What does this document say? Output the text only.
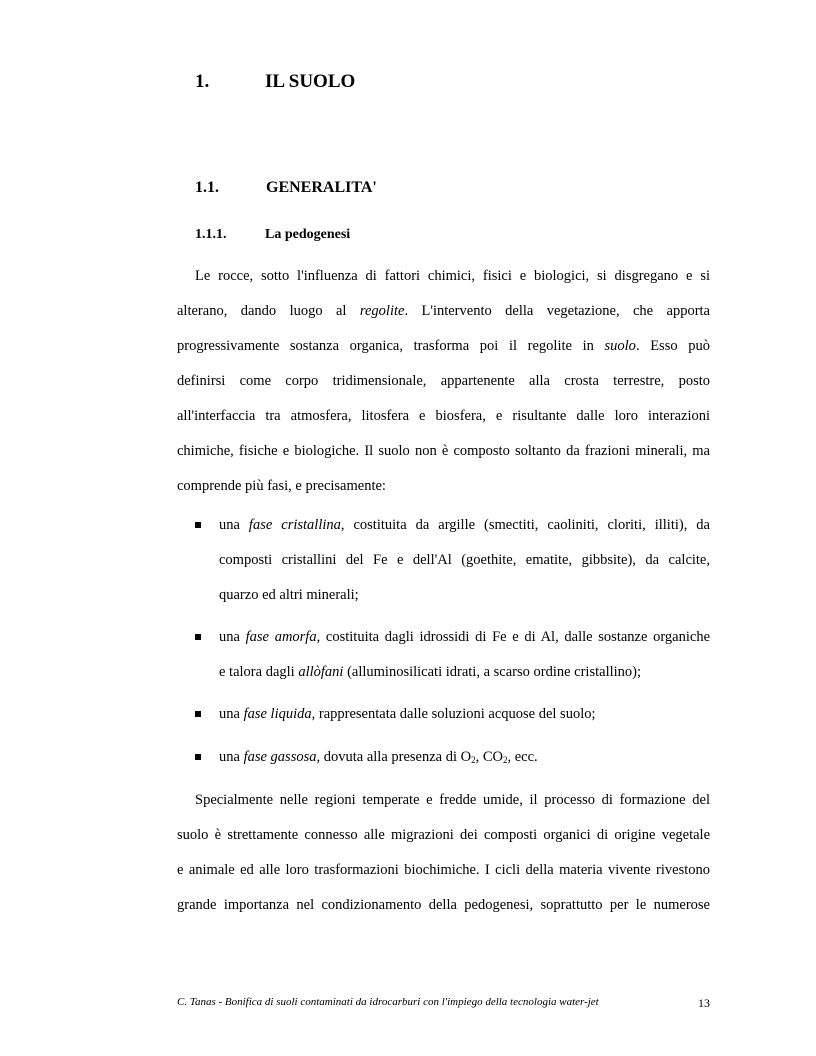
1.	IL SUOLO
1.1.	GENERALITA'
1.1.1.	La pedogenesi
Le rocce, sotto l'influenza di fattori chimici, fisici e biologici, si disgregano e si
alterano, dando luogo al regolite. L'intervento della vegetazione, che apporta
progressivamente sostanza organica, trasforma poi il regolite in suolo. Esso può
definirsi come corpo tridimensionale, appartenente alla crosta terrestre, posto
all'interfaccia tra atmosfera, litosfera e biosfera, e risultante dalle loro interazioni
chimiche, fisiche e biologiche. Il suolo non è composto soltanto da frazioni minerali, ma
comprende più fasi, e precisamente:
una fase cristallina, costituita da argille (smectiti, caoliniti, cloriti, illiti), da
composti cristallini del Fe e dell'Al (goethite, ematite, gibbsite), da calcite,
quarzo ed altri minerali;
una fase amorfa, costituita dagli idrossidi di Fe e di Al, dalle sostanze organiche
e talora dagli allòfani (alluminosilicati idrati, a scarso ordine cristallino);
una fase liquida, rappresentata dalle soluzioni acquose del suolo;
una fase gassosa, dovuta alla presenza di $O_2$, $CO_2$, ecc.
Specialmente nelle regioni temperate e fredde umide, il processo di formazione del
suolo è strettamente connesso alle migrazioni dei composti organici di origine vegetale
e animale ed alle loro trasformazioni biochimiche. I cicli della materia vivente rivestono
grande importanza nel condizionamento della pedogenesi, soprattutto per le numerose
C. Tanas - Bonifica di suoli contaminati da idrocarburi con l'impiego della tecnologia water-jet	13
